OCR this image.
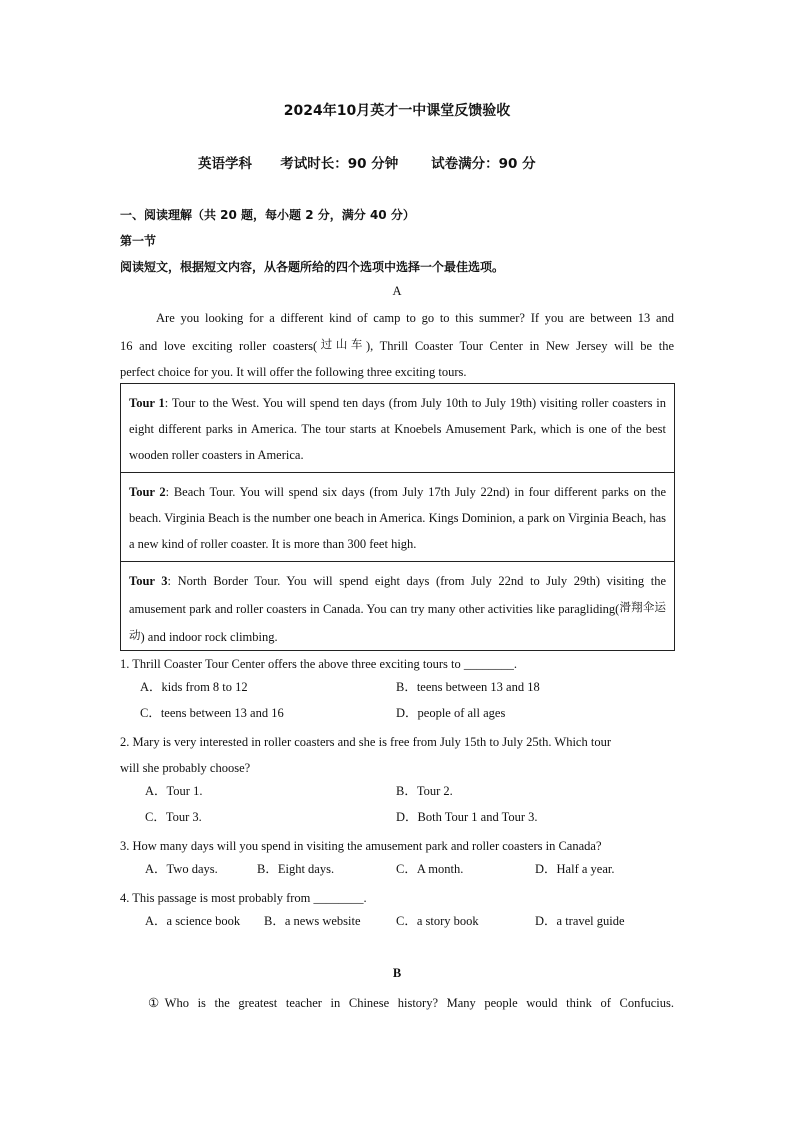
2024年10月英才一中课堂反馈验收
英语学科 考试时长：90 分钟 试卷满分：90 分
一、阅读理解（共 20 题，每小题 2 分，满分 40 分）
第一节
阅读短文，根据短文内容，从各题所给的四个选项中选择一个最佳选项。
A
Are you looking for a different kind of camp to go to this summer? If you are between 13 and
16 and love exciting roller coasters(过山车), Thrill Coaster Tour Center in New Jersey will be the
perfect choice for you. It will offer the following three exciting tours.
Tour 1: Tour to the West. You will spend ten days (from July 10th to July 19th) visiting roller coasters in eight different parks in America. The tour starts at Knoebels Amusement Park, which is one of the best wooden roller coasters in America.
Tour 2: Beach Tour. You will spend six days (from July 17th July 22nd) in four different parks on the beach. Virginia Beach is the number one beach in America. Kings Dominion, a park on Virginia Beach, has a new kind of roller coaster. It is more than 300 feet high.
Tour 3: North Border Tour. You will spend eight days (from July 22nd to July 29th) visiting the amusement park and roller coasters in Canada. You can try many other activities like paragliding(滑翔伞运动) and indoor rock climbing.
1. Thrill Coaster Tour Center offers the above three exciting tours to ________.
A．kids from 8 to 12	B．teens between 13 and 18
C．teens between 13 and 16	D．people of all ages
2. Mary is very interested in roller coasters and she is free from July 15th to July 25th. Which tour
will she probably choose?
A．Tour 1.	B．Tour 2.
C．Tour 3.	D．Both Tour 1 and Tour 3.
3. How many days will you spend in visiting the amusement park and roller coasters in Canada?
A．Two days.	B．Eight days.	C．A month.	D．Half a year.
4. This passage is most probably from ________.
A．a science book B．a news website	C．a story book	D．a travel guide
B
①Who is the greatest teacher in Chinese history? Many people would think of Confucius.
